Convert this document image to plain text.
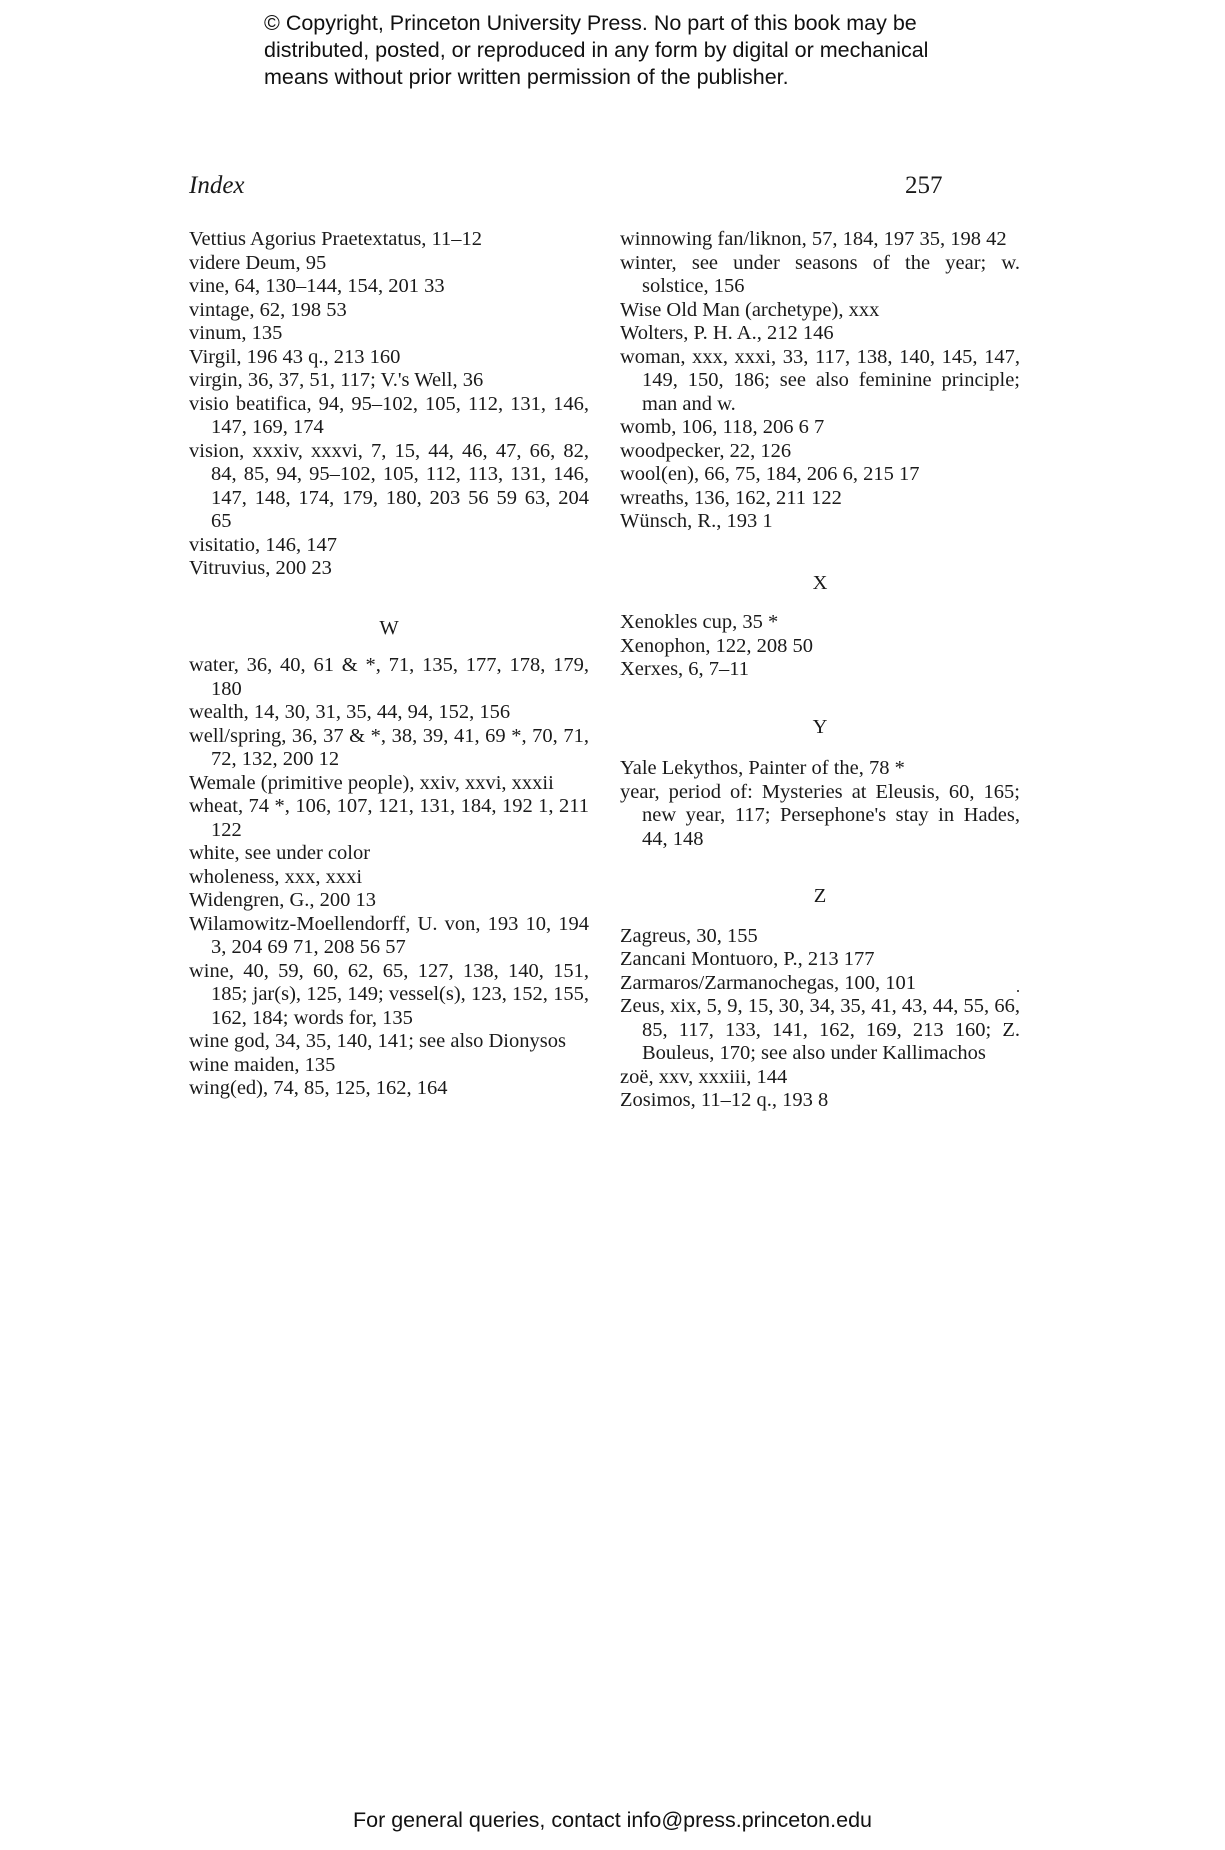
© Copyright, Princeton University Press. No part of this book may be
distributed, posted, or reproduced in any form by digital or mechanical
means without prior written permission of the publisher.
Index	257
Vettius Agorius Praetextatus, 11–12
videre Deum, 95
vine, 64, 130–144, 154, 201 33
vintage, 62, 198 53
vinum, 135
Virgil, 196 43 q., 213 160
virgin, 36, 37, 51, 117; V.'s Well, 36
visio beatifica, 94, 95–102, 105, 112, 131, 146, 147, 169, 174
vision, xxxiv, xxxvi, 7, 15, 44, 46, 47, 66, 82, 84, 85, 94, 95–102, 105, 112, 113, 131, 146, 147, 148, 174, 179, 180, 203 56 59 63, 204 65
visitatio, 146, 147
Vitruvius, 200 23
W
water, 36, 40, 61 & *, 71, 135, 177, 178, 179, 180
wealth, 14, 30, 31, 35, 44, 94, 152, 156
well/spring, 36, 37 & *, 38, 39, 41, 69 *, 70, 71, 72, 132, 200 12
Wemale (primitive people), xxiv, xxvi, xxxii
wheat, 74 *, 106, 107, 121, 131, 184, 192 1, 211 122
white, see under color
wholeness, xxx, xxxi
Widengren, G., 200 13
Wilamowitz-Moellendorff, U. von, 193 10, 194 3, 204 69 71, 208 56 57
wine, 40, 59, 60, 62, 65, 127, 138, 140, 151, 185; jar(s), 125, 149; vessel(s), 123, 152, 155, 162, 184; words for, 135
wine god, 34, 35, 140, 141; see also Dionysos
wine maiden, 135
wing(ed), 74, 85, 125, 162, 164
winnowing fan/liknon, 57, 184, 197 35, 198 42
winter, see under seasons of the year; w. solstice, 156
Wise Old Man (archetype), xxx
Wolters, P. H. A., 212 146
woman, xxx, xxxi, 33, 117, 138, 140, 145, 147, 149, 150, 186; see also feminine principle; man and w.
womb, 106, 118, 206 6 7
woodpecker, 22, 126
wool(en), 66, 75, 184, 206 6, 215 17
wreaths, 136, 162, 211 122
Wünsch, R., 193 1
X
Xenokles cup, 35 *
Xenophon, 122, 208 50
Xerxes, 6, 7–11
Y
Yale Lekythos, Painter of the, 78 *
year, period of: Mysteries at Eleusis, 60, 165; new year, 117; Persephone's stay in Hades, 44, 148
Z
Zagreus, 30, 155
Zancani Montuoro, P., 213 177
Zarmaros/Zarmanochegas, 100, 101
Zeus, xix, 5, 9, 15, 30, 34, 35, 41, 43, 44, 55, 66, 85, 117, 133, 141, 162, 169, 213 160; Z. Bouleus, 170; see also under Kallimachos
zoë, xxv, xxxiii, 144
Zosimos, 11–12 q., 193 8
For general queries, contact info@press.princeton.edu
